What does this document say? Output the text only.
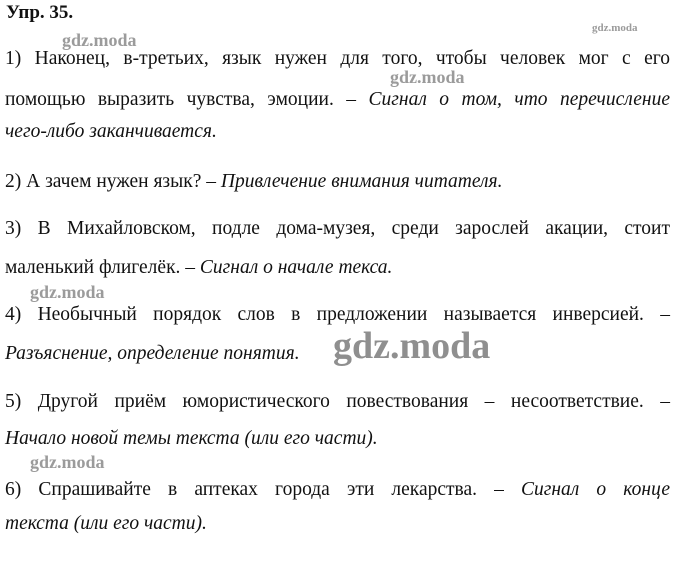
Упр. 35.
gdz.moda
gdz.moda
gdz.moda
gdz.moda
gdz.moda
gdz.moda
1) Наконец, в-третьих, язык нужен для того, чтобы человек мог с его
помощью выразить чувства, эмоции. – Сигнал о том, что перечисление
чего-либо заканчивается.
2) А зачем нужен язык? – Привлечение внимания читателя.
3) В Михайловском, подле дома-музея, среди зарослей акации, стоит
маленький флигелёк. – Сигнал о начале текса.
4) Необычный порядок слов в предложении называется инверсией. –
Разъяснение, определение понятия.
5) Другой приём юмористического повествования – несоответствие. –
Начало новой темы текста (или его части).
6) Спрашивайте в аптеках города эти лекарства. – Сигнал о конце
текста (или его части).
